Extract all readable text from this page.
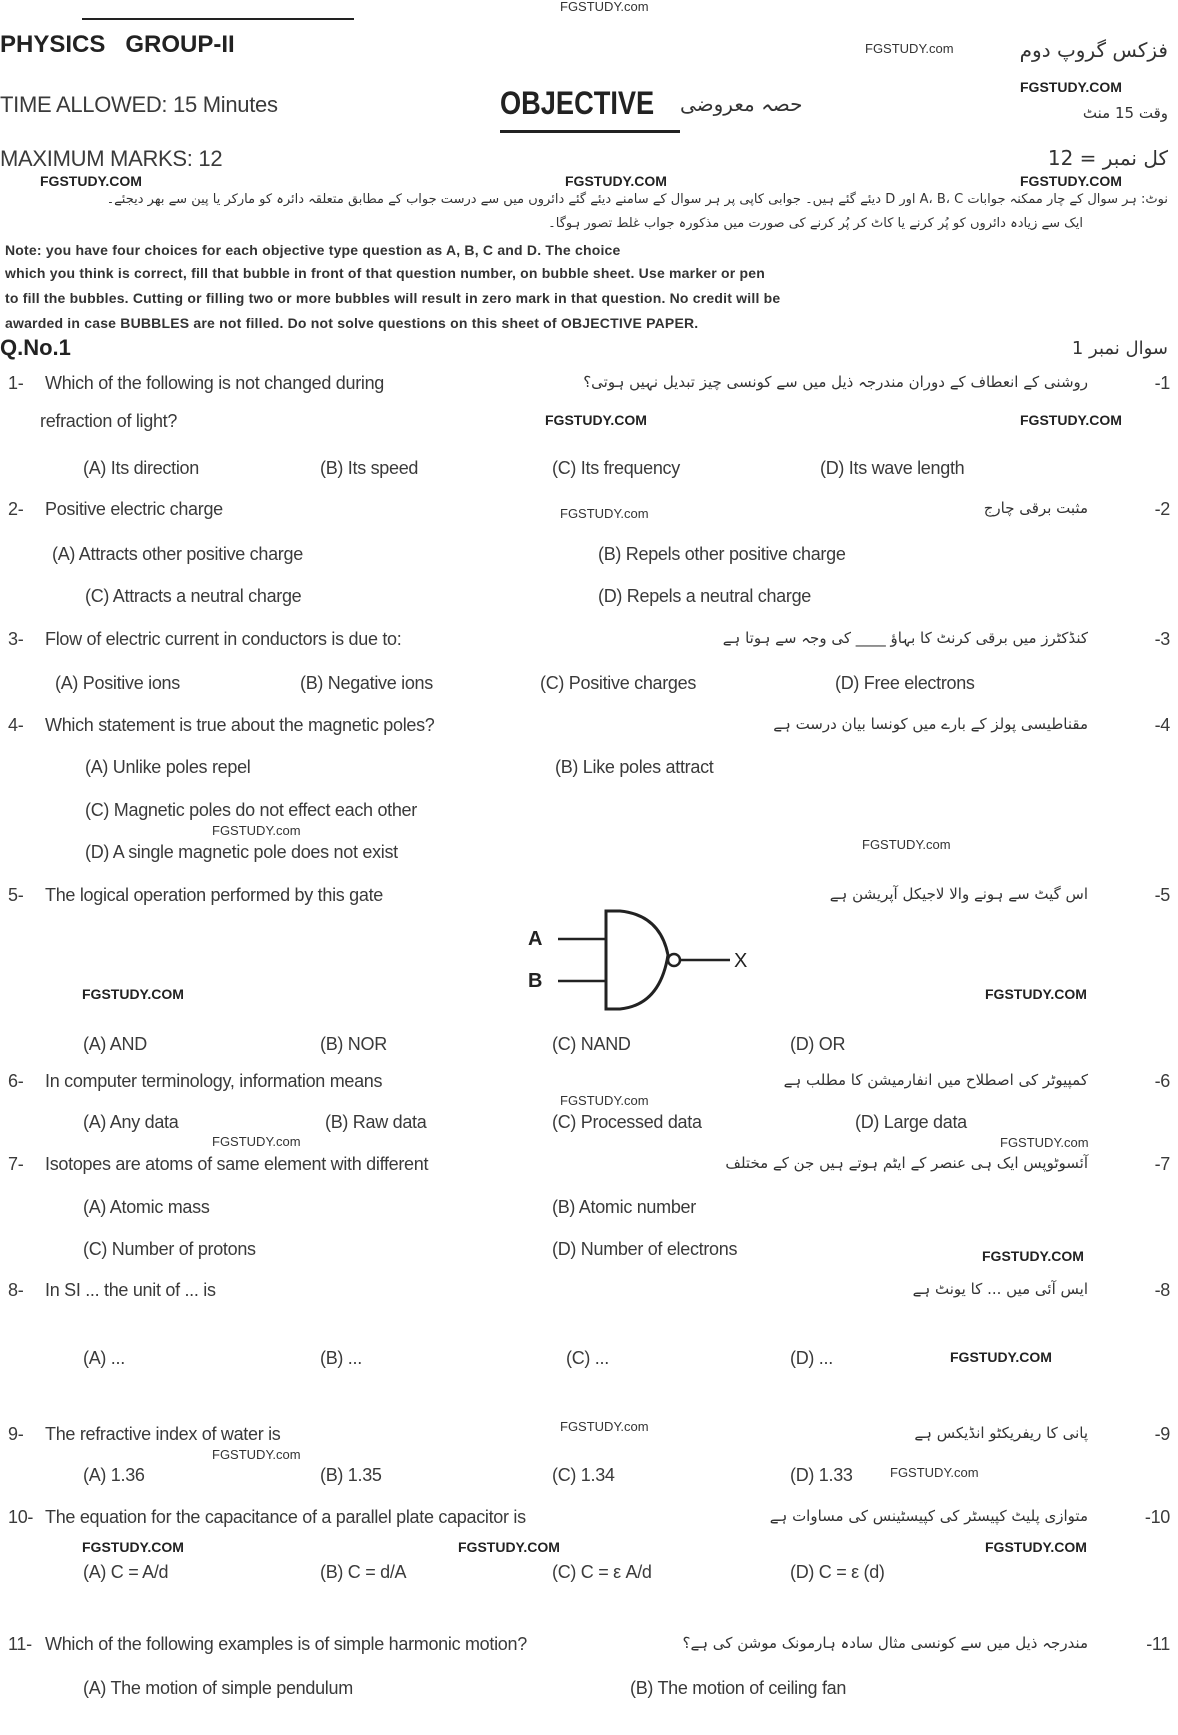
FGSTUDY.com
PHYSICS GROUP-II	FGSTUDY.com	فزکس گروپ دوم
TIME ALLOWED: 15 Minutes	OBJECTIVE حصہ معروضی
FGSTUDY.COM
وقت 15 منٹ
MAXIMUM MARKS: 12	کل نمبر = 12
FGSTUDY.COM	FGSTUDY.COM	FGSTUDY.COM
نوٹ: ہر سوال کے چار ممکنہ جوابات A، B، C اور D دیئے گئے ہیں۔ جوابی کاپی پر ہر سوال کے سامنے دیئے گئے دائروں میں سے درست جواب کے مطابق متعلقہ دائرہ کو مارکر یا پین سے بھر دیجئے۔
ایک سے زیادہ دائروں کو پُر کرنے یا کاٹ کر پُر کرنے کی صورت میں مذکورہ جواب غلط تصور ہوگا۔
Note: you have four choices for each objective type question as A, B, C and D. The choice
which you think is correct, fill that bubble in front of that question number, on bubble sheet. Use marker or pen
to fill the bubbles. Cutting or filling two or more bubbles will result in zero mark in that question. No credit will be
awarded in case BUBBLES are not filled. Do not solve questions on this sheet of OBJECTIVE PAPER.
Q.No.1	سوال نمبر 1
1- Which of the following is not changed during
refraction of light?
روشنی کے انعطاف کے دوران مندرجہ ذیل میں سے کونسی چیز تبدیل نہیں ہوتی؟	1-
(A) Its direction	(B) Its speed	(C) Its frequency	(D) Its wave length
2- Positive electric charge	مثبت برقی چارج	2-
(A) Attracts other positive charge	(B) Repels other positive charge
(C) Attracts a neutral charge	(D) Repels a neutral charge
3- Flow of electric current in conductors is due to:	کنڈکٹرز میں برقی کرنٹ کا بہاؤ ____ کی وجہ سے ہوتا ہے	3-
(A) Positive ions	(B) Negative ions	(C) Positive charges	(D) Free electrons
4- Which statement is true about the magnetic poles?	مقناطیسی پولز کے بارے میں کونسا بیان درست ہے	4-
(A) Unlike poles repel	(B) Like poles attract
(C) Magnetic poles do not effect each other
(D) A single magnetic pole does not exist
5- The logical operation performed by this gate	اس گیٹ سے ہونے والا لاجیکل آپریشن ہے	5-
(A) AND	(B) NOR	(C) NAND	(D) OR
6- In computer terminology, information means	کمپیوٹر کی اصطلاح میں انفارمیشن کا مطلب ہے	6-
(A) Any data	(B) Raw data	(C) Processed data	(D) Large data
7- Isotopes are atoms of same element with different	آئسوٹوپس ایک ہی عنصر کے ایٹم ہوتے ہیں جن کے مختلف	7-
(A) Atomic mass	(B) Atomic number
(C) Number of protons	(D) Number of electrons
8- In SI ... the unit of ... is	ایس آئی میں ... کا یونٹ ہے	8-
(A) ...	(B) ...	(C) ...	(D) ...
9- The refractive index of water is	پانی کا ریفریکٹو انڈیکس ہے	9-
(A) 1.36	(B) 1.35	(C) 1.34	(D) 1.33
10- The equation for the capacitance of a parallel plate capacitor is	متوازی پلیٹ کپیسٹر کی کپیسٹینس کی مساوات ہے	10-
(A) C = A/d	(B) C = d/A	(C) C = ε A/d	(D) C = ε (d)
11- Which of the following examples is of simple harmonic motion?	مندرجہ ذیل میں سے کونسی مثال سادہ ہارمونک موشن کی ہے؟	11-
(A) The motion of simple pendulum	(B) The motion of ceiling fan
A
B
X
FGSTUDY.COM	FGSTUDY.COM
FGSTUDY.com
FGSTUDY.com
FGSTUDY.com
FGSTUDY.COM	FGSTUDY.COM
FGSTUDY.com
FGSTUDY.com	FGSTUDY.com
FGSTUDY.COM
FGSTUDY.COM
FGSTUDY.com
FGSTUDY.com
FGSTUDY.com
FGSTUDY.COM	FGSTUDY.COM	FGSTUDY.COM
